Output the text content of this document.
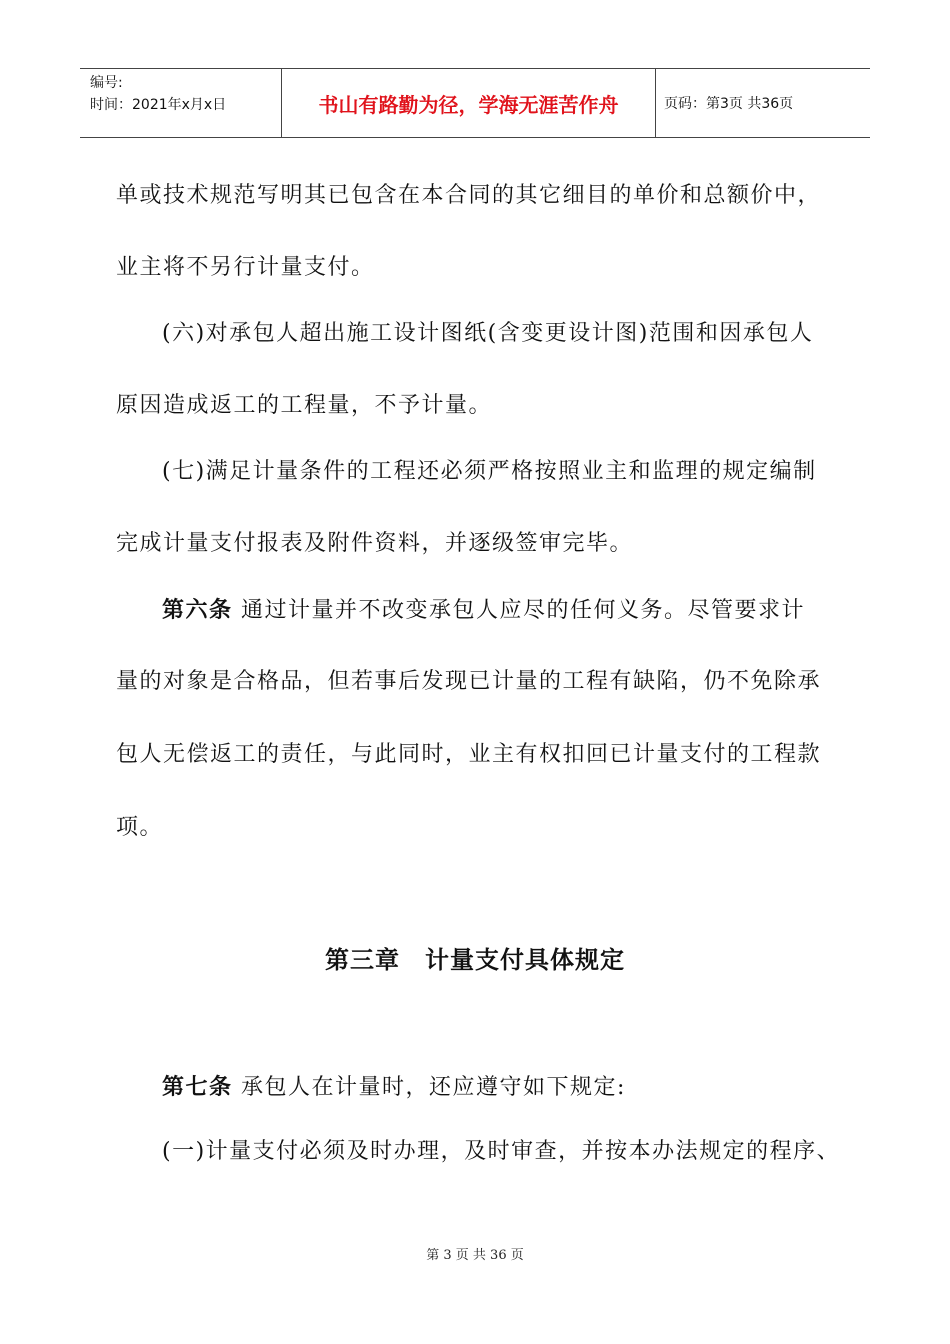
编号:
时间：2021年x月x日	书山有路勤为径，学海无涯苦作舟	页码：第3页 共36页
单或技术规范写明其已包含在本合同的其它细目的单价和总额价中，
业主将不另行计量支付。
(六)对承包人超出施工设计图纸(含变更设计图)范围和因承包人
原因造成返工的工程量，不予计量。
(七)满足计量条件的工程还必须严格按照业主和监理的规定编制
完成计量支付报表及附件资料，并逐级签审完毕。
第六条 通过计量并不改变承包人应尽的任何义务。尽管要求计
量的对象是合格品，但若事后发现已计量的工程有缺陷，仍不免除承
包人无偿返工的责任，与此同时，业主有权扣回已计量支付的工程款
项。
第三章　计量支付具体规定
第七条 承包人在计量时，还应遵守如下规定:
(一)计量支付必须及时办理，及时审查，并按本办法规定的程序、
第 3 页 共 36 页
